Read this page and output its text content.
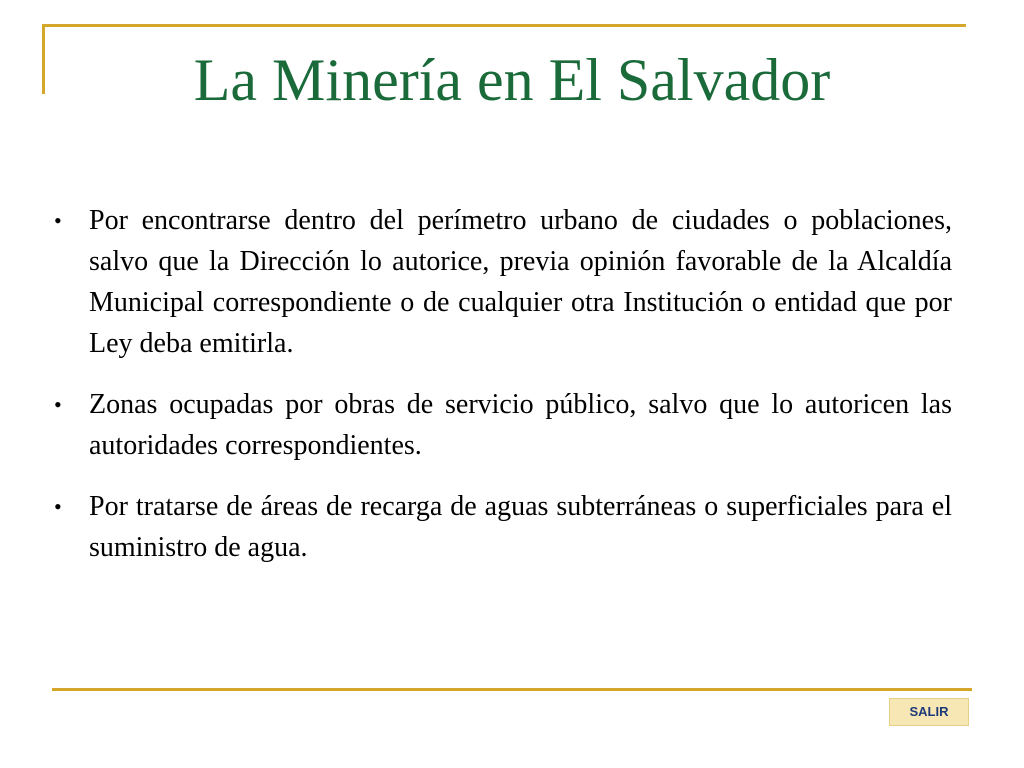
La Minería en El Salvador
• Por encontrarse dentro del perímetro urbano de ciudades o poblaciones, salvo que la Dirección lo autorice, previa opinión favorable de la Alcaldía Municipal correspondiente o de cualquier otra Institución o entidad que por Ley deba emitirla.
• Zonas ocupadas por obras de servicio público, salvo que lo autoricen las autoridades correspondientes.
• Por tratarse de áreas de recarga de aguas subterráneas o superficiales para el suministro de agua.
SALIR
